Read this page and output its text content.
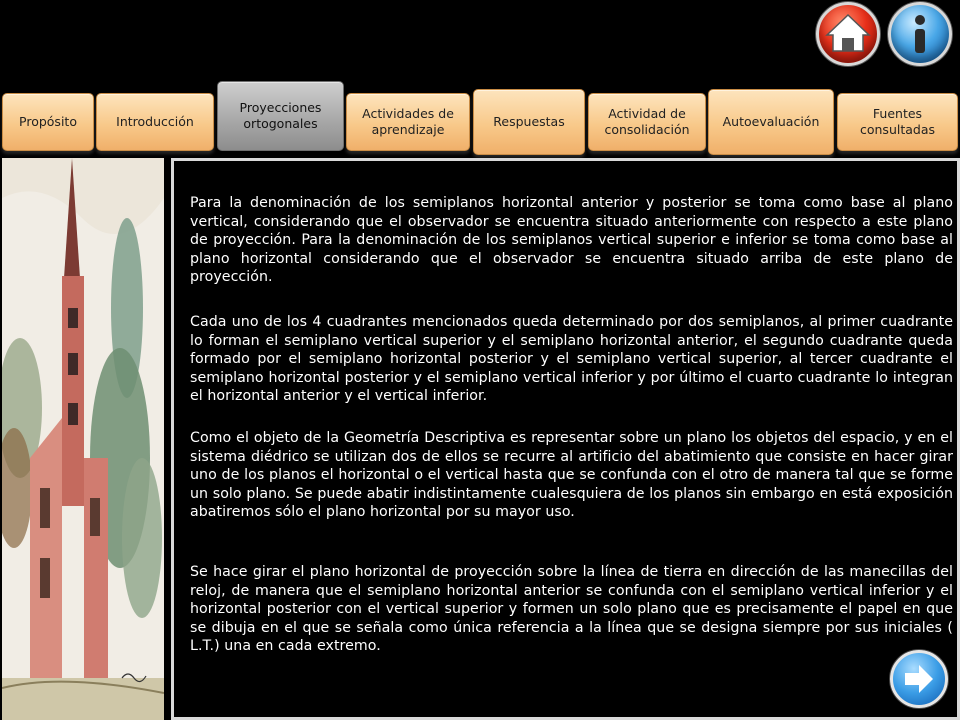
Propósito	Introducción
Proyecciones ortogonales
Actividades de aprendizaje
Respuestas
Actividad de consolidación
Autoevaluación
Fuentes consultadas

Para la denominación de los semiplanos horizontal anterior y posterior se toma como base al plano vertical, considerando que el observador se encuentra situado anteriormente con respecto a este plano de proyección. Para la denominación de los semiplanos vertical superior e inferior se toma como base al plano horizontal considerando que el observador se encuentra situado arriba de este plano de proyección.

Cada uno de los 4 cuadrantes mencionados queda determinado por dos semiplanos, al primer cuadrante lo forman el semiplano vertical superior y el semiplano horizontal anterior, el segundo cuadrante queda formado por el semiplano horizontal posterior y el semiplano vertical superior, al tercer cuadrante el semiplano horizontal posterior y el semiplano vertical inferior y por último el cuarto cuadrante lo integran el horizontal anterior y el vertical inferior.

Como el objeto de la Geometría Descriptiva es representar sobre un plano los objetos del espacio, y en el sistema diédrico se utilizan dos de ellos se recurre al artificio del abatimiento que consiste en hacer girar uno de los planos el horizontal o el vertical hasta que se confunda con el otro de manera tal que se forme un solo plano. Se puede abatir indistintamente cualesquiera de los planos sin embargo en está exposición abatiremos sólo el plano horizontal por su mayor uso.

Se hace girar el plano horizontal de proyección sobre la línea de tierra en dirección de las manecillas del reloj, de manera que el semiplano horizontal anterior se confunda con el semiplano vertical inferior y el horizontal posterior con el vertical superior y formen un solo plano que es precisamente el papel en que se dibuja en el que se señala como única referencia a la línea que se designa siempre por sus iniciales ( L.T.) una en cada extremo.
